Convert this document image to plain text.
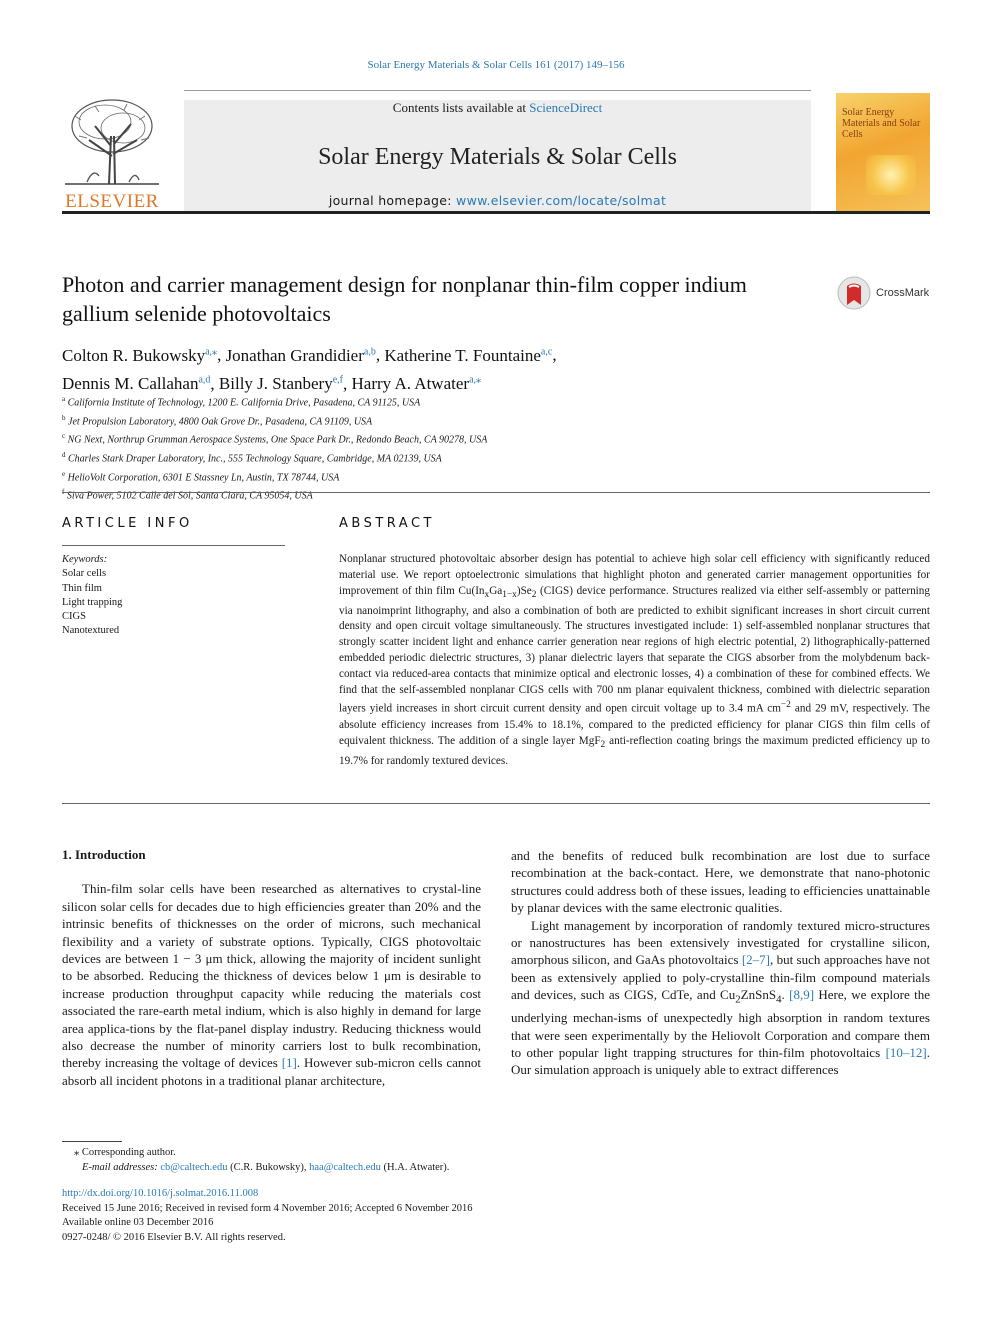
Solar Energy Materials & Solar Cells 161 (2017) 149–156
ELSEVIER
Contents lists available at ScienceDirect
Solar Energy Materials & Solar Cells
journal homepage: www.elsevier.com/locate/solmat
Solar Energy Materials and Solar Cells
Photon and carrier management design for nonplanar thin-film copper indium gallium selenide photovoltaics
CrossMark
Colton R. Bukowsky$^{a,⁎}$, Jonathan Grandidier$^{a,b}$, Katherine T. Fountaine$^{a,c}$,
Dennis M. Callahan$^{a,d}$, Billy J. Stanbery$^{e,f}$, Harry A. Atwater$^{a,⁎}$
$^a$ California Institute of Technology, 1200 E. California Drive, Pasadena, CA 91125, USA
$^b$ Jet Propulsion Laboratory, 4800 Oak Grove Dr., Pasadena, CA 91109, USA
$^c$ NG Next, Northrup Grumman Aerospace Systems, One Space Park Dr., Redondo Beach, CA 90278, USA
$^d$ Charles Stark Draper Laboratory, Inc., 555 Technology Square, Cambridge, MA 02139, USA
$^e$ HelioVolt Corporation, 6301 E Stassney Ln, Austin, TX 78744, USA
$^f$ Siva Power, 5102 Calle del Sol, Santa Clara, CA 95054, USA
ARTICLE INFO	ABSTRACT
Keywords:
Solar cells
Thin film
Light trapping
CIGS
Nanotextured
Nonplanar structured photovoltaic absorber design has potential to achieve high solar cell efficiency with significantly reduced material use. We report optoelectronic simulations that highlight photon and generated carrier management opportunities for improvement of thin film $Cu(In_xGa_{1-x})Se_2$ (CIGS) device performance. Structures realized via either self-assembly or patterning via nanoimprint lithography, and also a combination of both are predicted to exhibit significant increases in short circuit current density and open circuit voltage simultaneously. The structures investigated include: 1) self-assembled nonplanar structures that strongly scatter incident light and enhance carrier generation near regions of high electric potential, 2) lithographically-patterned embedded periodic dielectric structures, 3) planar dielectric layers that separate the CIGS absorber from the molybdenum back-contact via reduced-area contacts that minimize optical and electronic losses, 4) a combination of these for combined effects. We find that the self-assembled nonplanar CIGS cells with 700 nm planar equivalent thickness, combined with dielectric separation layers yield increases in short circuit current density and open circuit voltage up to 3.4 mA $cm^{-2}$ and 29 mV, respectively. The absolute efficiency increases from 15.4% to 18.1%, compared to the predicted efficiency for planar CIGS thin film cells of equivalent thickness. The addition of a single layer MgF$_2$ anti-reflection coating brings the maximum predicted efficiency up to 19.7% for randomly textured devices.
1. Introduction

Thin-film solar cells have been researched as alternatives to crystal-line silicon solar cells for decades due to high efficiencies greater than 20% and the intrinsic benefits of thicknesses on the order of microns, such mechanical flexibility and a variety of substrate options. Typically, CIGS photovoltaic devices are between 1 − 3 μm thick, allowing the majority of incident sunlight to be absorbed. Reducing the thickness of devices below 1 μm is desirable to increase production throughput capacity while reducing the materials cost associated the rare-earth metal indium, which is also highly in demand for large area applica-tions by the flat-panel display industry. Reducing thickness would also decrease the number of minority carriers lost to bulk recombination, thereby increasing the voltage of devices [1]. However sub-micron cells cannot absorb all incident photons in a traditional planar architecture,

and the benefits of reduced bulk recombination are lost due to surface recombination at the back-contact. Here, we demonstrate that nano-photonic structures could address both of these issues, leading to efficiencies unattainable by planar devices with the same electronic qualities.

Light management by incorporation of randomly textured micro-structures or nanostructures has been extensively investigated for crystalline silicon, amorphous silicon, and GaAs photovoltaics [2–7], but such approaches have not been as extensively applied to poly-crystalline thin-film compound materials and devices, such as CIGS, CdTe, and $Cu_2ZnSnS_4$. [8,9] Here, we explore the underlying mechan-isms of unexpectedly high absorption in random textures that were seen experimentally by the Heliovolt Corporation and compare them to other popular light trapping structures for thin-film photovoltaics [10–12]. Our simulation approach is uniquely able to extract differences

⁎ Corresponding author.
E-mail addresses: cb@caltech.edu (C.R. Bukowsky), haa@caltech.edu (H.A. Atwater).
http://dx.doi.org/10.1016/j.solmat.2016.11.008
Received 15 June 2016; Received in revised form 4 November 2016; Accepted 6 November 2016
Available online 03 December 2016
0927-0248/ © 2016 Elsevier B.V. All rights reserved.
